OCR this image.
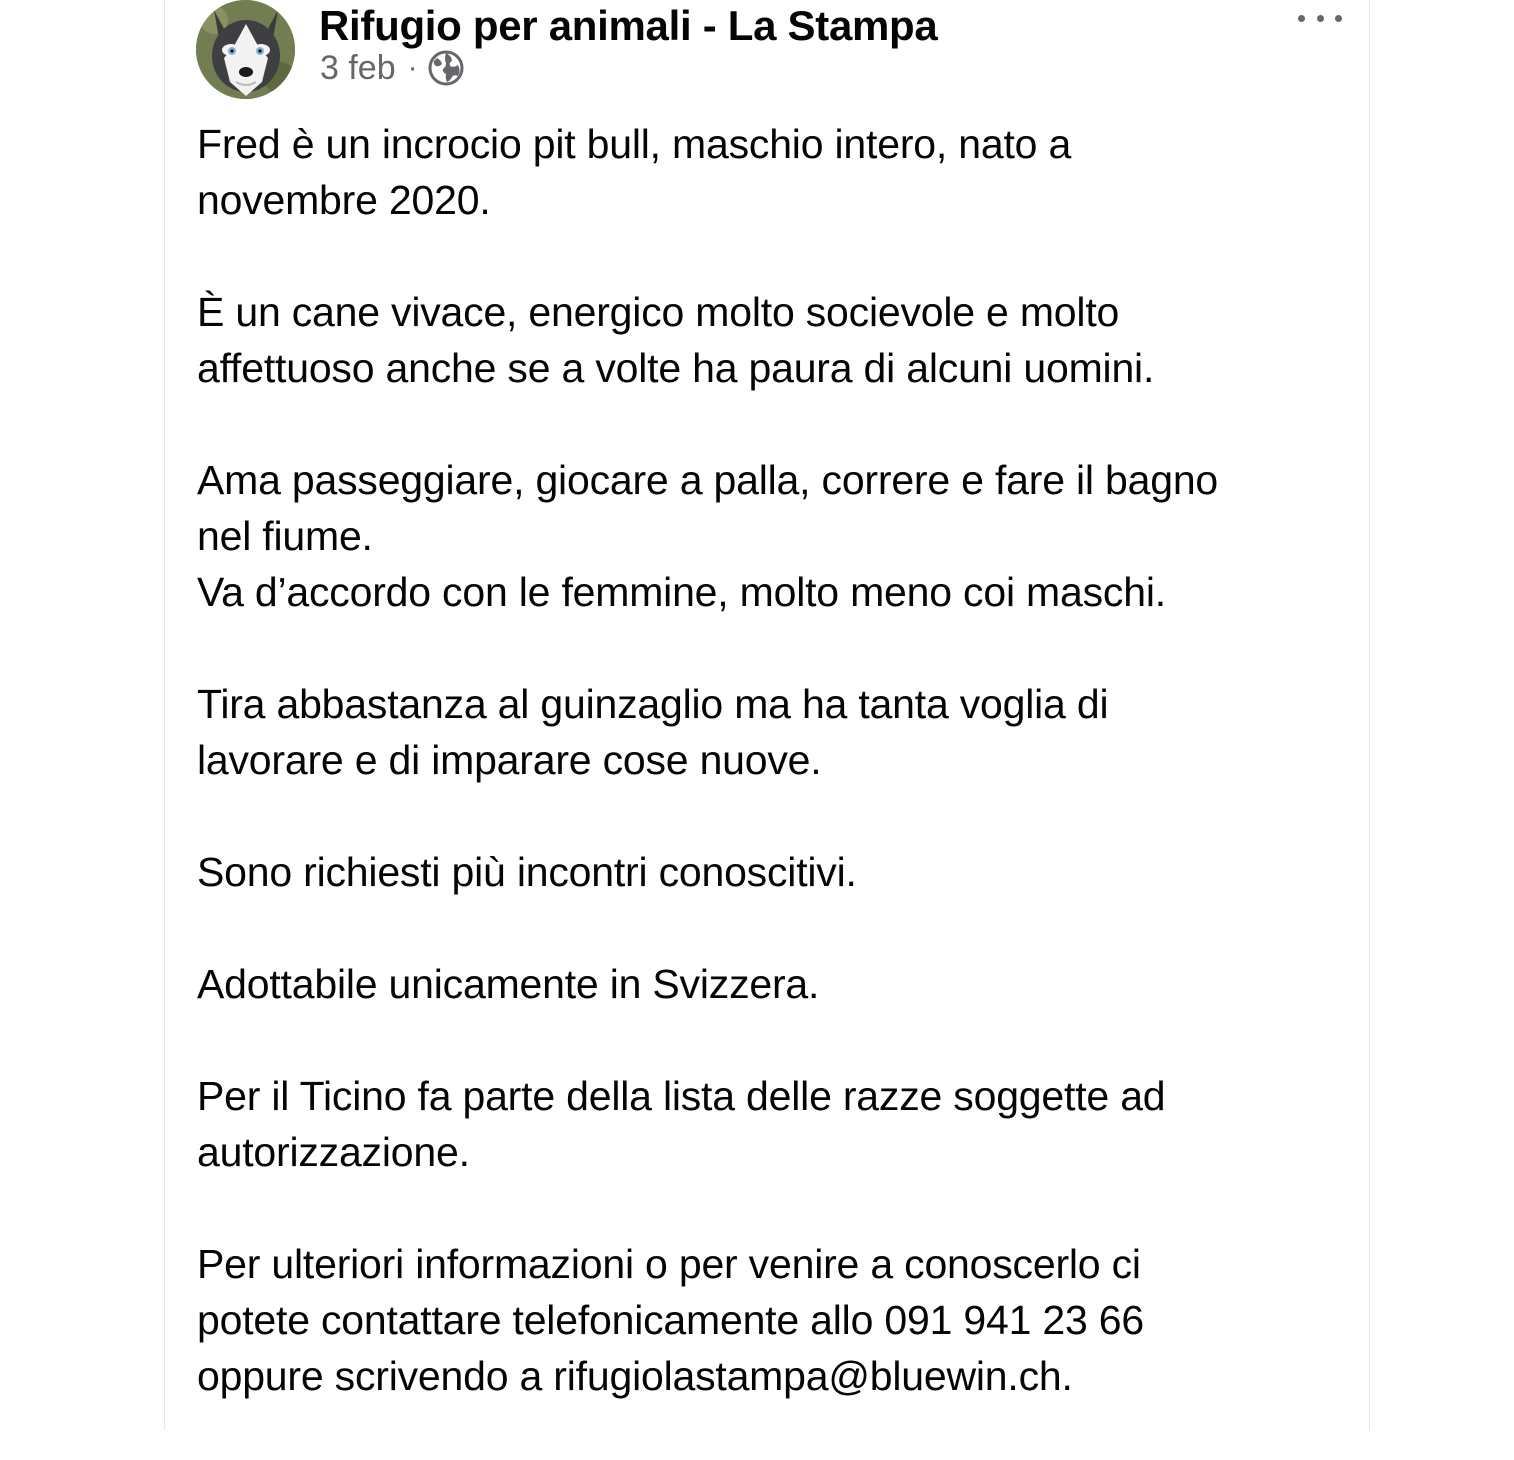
Rifugio per animali - La Stampa
3 feb ·

Fred è un incrocio pit bull, maschio intero, nato a
novembre 2020.

È un cane vivace, energico molto socievole e molto
affettuoso anche se a volte ha paura di alcuni uomini.

Ama passeggiare, giocare a palla, correre e fare il bagno
nel fiume.
Va d’accordo con le femmine, molto meno coi maschi.

Tira abbastanza al guinzaglio ma ha tanta voglia di
lavorare e di imparare cose nuove.

Sono richiesti più incontri conoscitivi.

Adottabile unicamente in Svizzera.

Per il Ticino fa parte della lista delle razze soggette ad
autorizzazione.

Per ulteriori informazioni o per venire a conoscerlo ci
potete contattare telefonicamente allo 091 941 23 66
oppure scrivendo a rifugiolastampa@bluewin.ch.
